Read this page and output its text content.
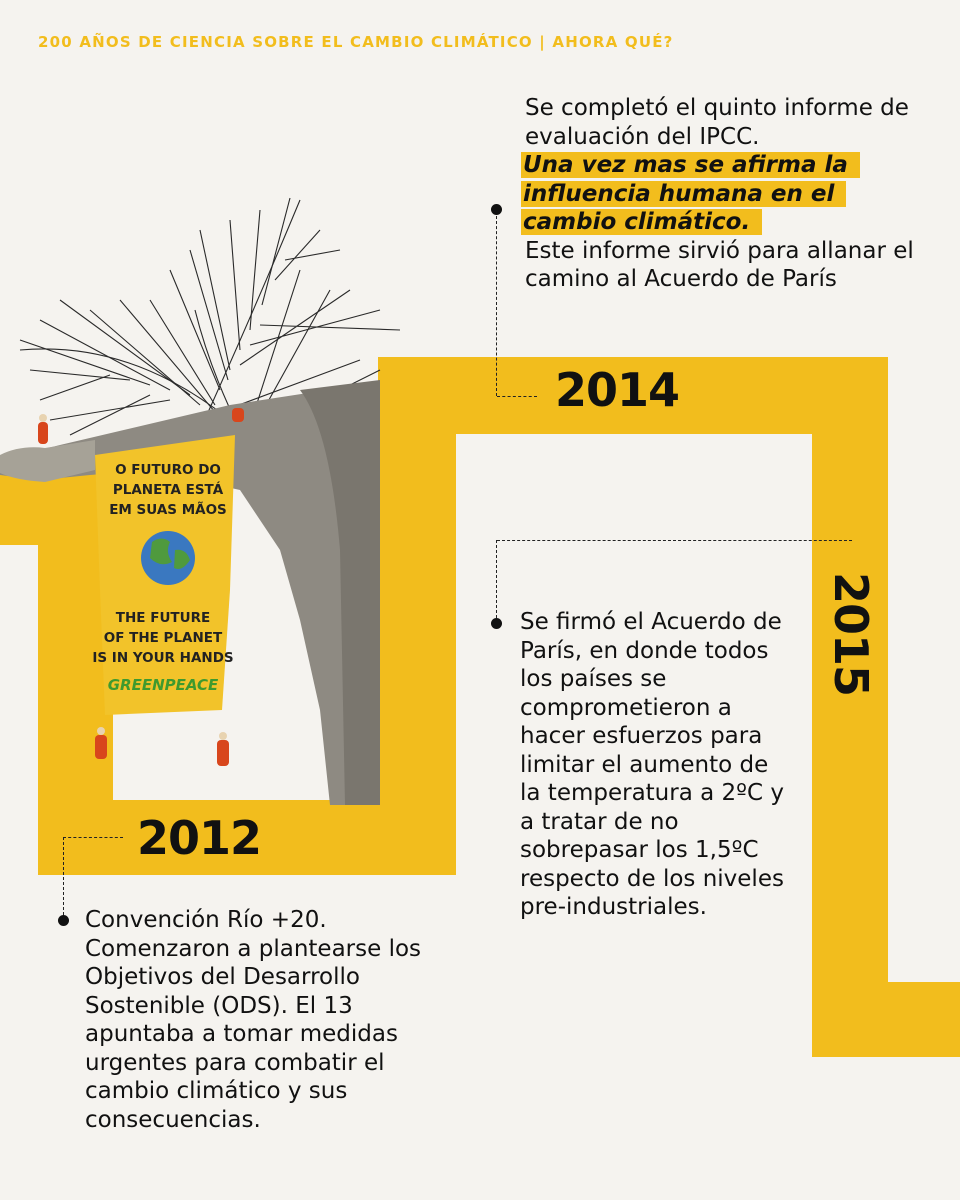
200 AÑOS DE CIENCIA SOBRE EL CAMBIO CLIMÁTICO | AHORA QUÉ?
O FUTURO DO
PLANETA ESTÁ
EM SUAS MÃOS
THE FUTURE
OF THE PLANET
IS IN YOUR HANDS
GREENPEACE
Se completó el quinto informe de evaluación del IPCC.
Una vez mas se afirma la
influencia humana en el
cambio climático.
Este informe sirvió para allanar el camino al Acuerdo de París
2014
2015
Se firmó el Acuerdo de París, en donde todos los países se comprometieron a hacer esfuerzos para limitar el aumento de la temperatura a 2ºC y a tratar de no sobrepasar los 1,5ºC respecto de los niveles pre-industriales.
2012
Convención Río +20. Comenzaron a plantearse los Objetivos del Desarrollo Sostenible (ODS). El 13 apuntaba a tomar medidas urgentes para combatir el cambio climático y sus consecuencias.
